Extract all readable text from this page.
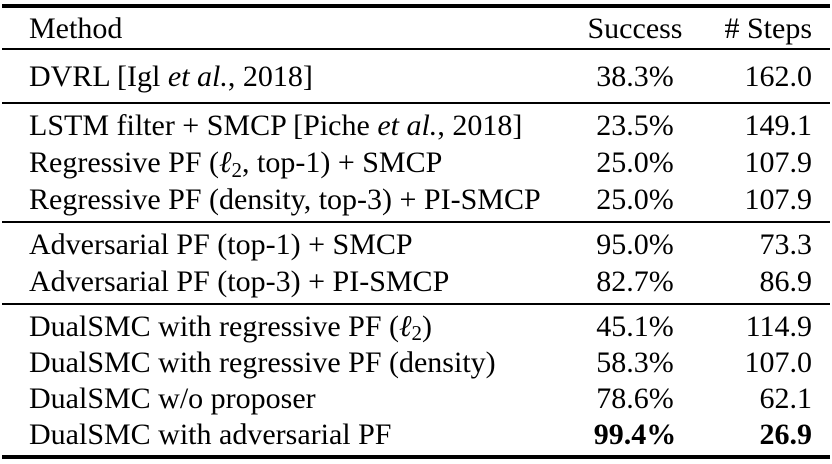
Method	Success	# Steps
DVRL [Igl et al., 2018]	38.3%	162.0
LSTM filter + SMCP [Piche et al., 2018]	23.5%	149.1
Regressive PF (ℓ2, top-1) + SMCP	25.0%	107.9
Regressive PF (density, top-3) + PI-SMCP	25.0%	107.9
Adversarial PF (top-1) + SMCP	95.0%	73.3
Adversarial PF (top-3) + PI-SMCP	82.7%	86.9
DualSMC with regressive PF (ℓ2)	45.1%	114.9
DualSMC with regressive PF (density)	58.3%	107.0
DualSMC w/o proposer	78.6%	62.1
DualSMC with adversarial PF	99.4%	26.9
